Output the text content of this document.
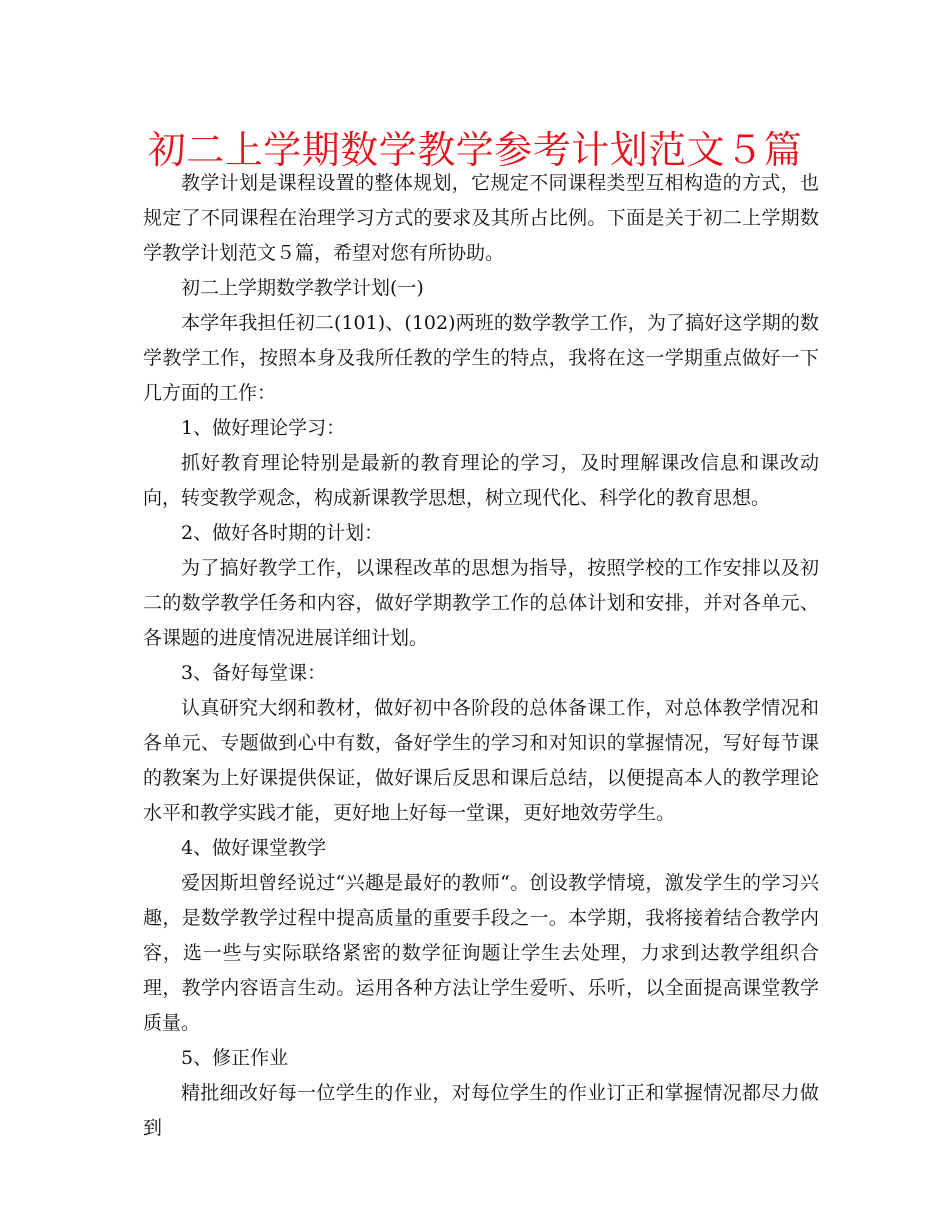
初二上学期数学教学参考计划范文５篇

教学计划是课程设置的整体规划，它规定不同课程类型互相构造的方式，也规定了不同课程在治理学习方式的要求及其所占比例。下面是关于初二上学期数学教学计划范文５篇，希望对您有所协助。

初二上学期数学教学计划(一)

本学年我担任初二(101)、(102)两班的数学教学工作，为了搞好这学期的数学教学工作，按照本身及我所任教的学生的特点，我将在这一学期重点做好一下几方面的工作：

1、做好理论学习：

抓好教育理论特别是最新的教育理论的学习，及时理解课改信息和课改动向，转变教学观念，构成新课教学思想，树立现代化、科学化的教育思想。

2、做好各时期的计划：

为了搞好教学工作，以课程改革的思想为指导，按照学校的工作安排以及初二的数学教学任务和内容，做好学期教学工作的总体计划和安排，并对各单元、各课题的进度情况进展详细计划。

3、备好每堂课：

认真研究大纲和教材，做好初中各阶段的总体备课工作，对总体教学情况和各单元、专题做到心中有数，备好学生的学习和对知识的掌握情况，写好每节课的教案为上好课提供保证，做好课后反思和课后总结，以便提高本人的教学理论水平和教学实践才能，更好地上好每一堂课，更好地效劳学生。

4、做好课堂教学

爱因斯坦曾经说过“兴趣是最好的教师“。创设教学情境，激发学生的学习兴趣，是数学教学过程中提高质量的重要手段之一。本学期，我将接着结合教学内容，选一些与实际联络紧密的数学征询题让学生去处理，力求到达教学组织合理，教学内容语言生动。运用各种方法让学生爱听、乐听，以全面提高课堂教学质量。

5、修正作业

精批细改好每一位学生的作业，对每位学生的作业订正和掌握情况都尽力做到
